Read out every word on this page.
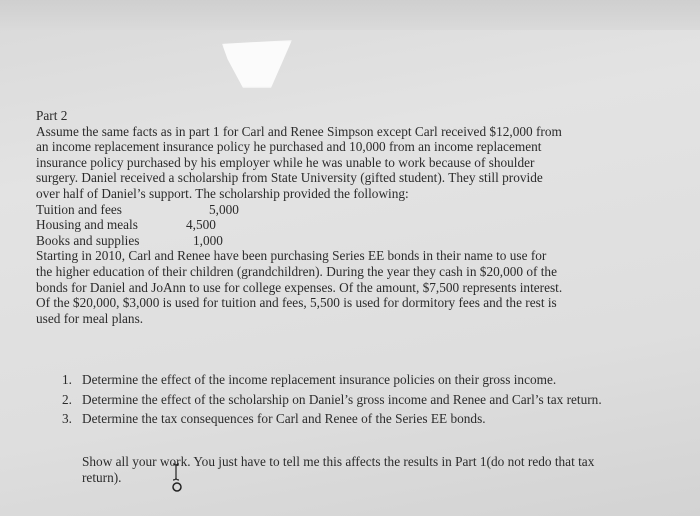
Part 2
Assume the same facts as in part 1 for Carl and Renee Simpson except Carl received $12,000 from
an income replacement insurance policy he purchased and 10,000 from an income replacement
insurance policy purchased by his employer while he was unable to work because of shoulder
surgery. Daniel received a scholarship from State University (gifted student). They still provide
over half of Daniel’s support. The scholarship provided the following:
Tuition and fees	5,000
Housing and meals	4,500
Books and supplies	1,000
Starting in 2010, Carl and Renee have been purchasing Series EE bonds in their name to use for
the higher education of their children (grandchildren). During the year they cash in $20,000 of the
bonds for Daniel and JoAnn to use for college expenses. Of the amount, $7,500 represents interest.
Of the $20,000, $3,000 is used for tuition and fees, 5,500 is used for dormitory fees and the rest is
used for meal plans.
1. Determine the effect of the income replacement insurance policies on their gross income.
2. Determine the effect of the scholarship on Daniel’s gross income and Renee and Carl’s tax return.
3. Determine the tax consequences for Carl and Renee of the Series EE bonds.
Show all your work. You just have to tell me this affects the results in Part 1(do not redo that tax return).
